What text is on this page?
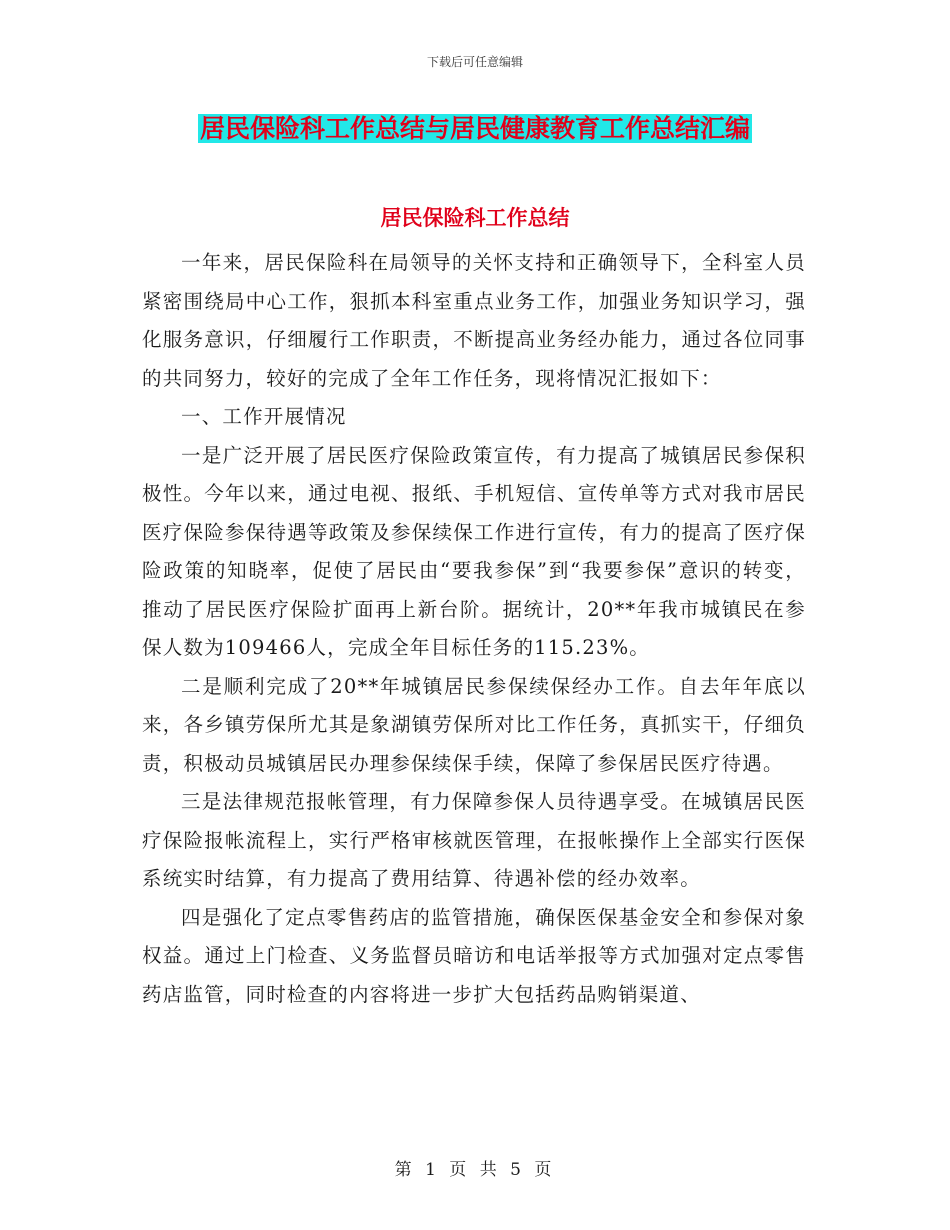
下载后可任意编辑
居民保险科工作总结与居民健康教育工作总结汇编
居民保险科工作总结

一年来，居民保险科在局领导的关怀支持和正确领导下，全科室人员紧密围绕局中心工作，狠抓本科室重点业务工作，加强业务知识学习，强化服务意识，仔细履行工作职责，不断提高业务经办能力，通过各位同事的共同努力，较好的完成了全年工作任务，现将情况汇报如下：

一、工作开展情况

一是广泛开展了居民医疗保险政策宣传，有力提高了城镇居民参保积极性。今年以来，通过电视、报纸、手机短信、宣传单等方式对我市居民医疗保险参保待遇等政策及参保续保工作进行宣传，有力的提高了医疗保险政策的知晓率，促使了居民由“要我参保”到“我要参保”意识的转变，推动了居民医疗保险扩面再上新台阶。据统计，20**年我市城镇民在参保人数为109466人，完成全年目标任务的115.23%。

二是顺利完成了20**年城镇居民参保续保经办工作。自去年年底以来，各乡镇劳保所尤其是象湖镇劳保所对比工作任务，真抓实干，仔细负责，积极动员城镇居民办理参保续保手续，保障了参保居民医疗待遇。

三是法律规范报帐管理，有力保障参保人员待遇享受。在城镇居民医疗保险报帐流程上，实行严格审核就医管理，在报帐操作上全部实行医保系统实时结算，有力提高了费用结算、待遇补偿的经办效率。

四是强化了定点零售药店的监管措施，确保医保基金安全和参保对象权益。通过上门检查、义务监督员暗访和电话举报等方式加强对定点零售药店监管，同时检查的内容将进一步扩大包括药品购销渠道、

第 1 页 共 5 页
